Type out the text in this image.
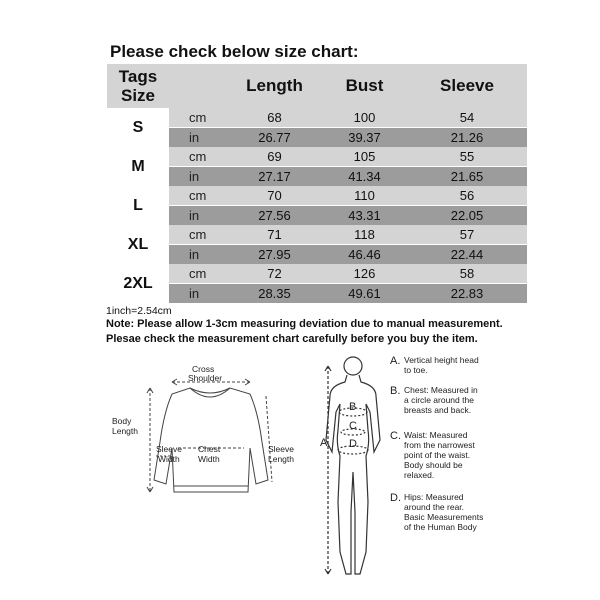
Please check below size chart:
Tags
Size		Length	Bust	Sleeve
S	cm	68	100	54
	in	26.77	39.37	21.26
M	cm	69	105	55
	in	27.17	41.34	21.65
L	cm	70	110	56
	in	27.56	43.31	22.05
XL	cm	71	118	57
	in	27.95	46.46	22.44
2XL	cm	72	126	58
	in	28.35	49.61	22.83
1inch=2.54cm
Note: Please allow 1-3cm measuring deviation due to manual measurement.
Plesae check the measurement chart carefully before you buy the item.
Cross
Shoulder
Body
Length
Sleeve
Width
Chest
Width
Sleeve
Length
A
B
C
D
A. Vertical height head
to toe.
B. Chest: Measured in
a circle around the
breasts and back.
C. Waist: Measured
from the narrowest
point of the waist.
Body should be
relaxed.
D. Hips: Measured
around the rear.
Basic Measurements
of the Human Body
